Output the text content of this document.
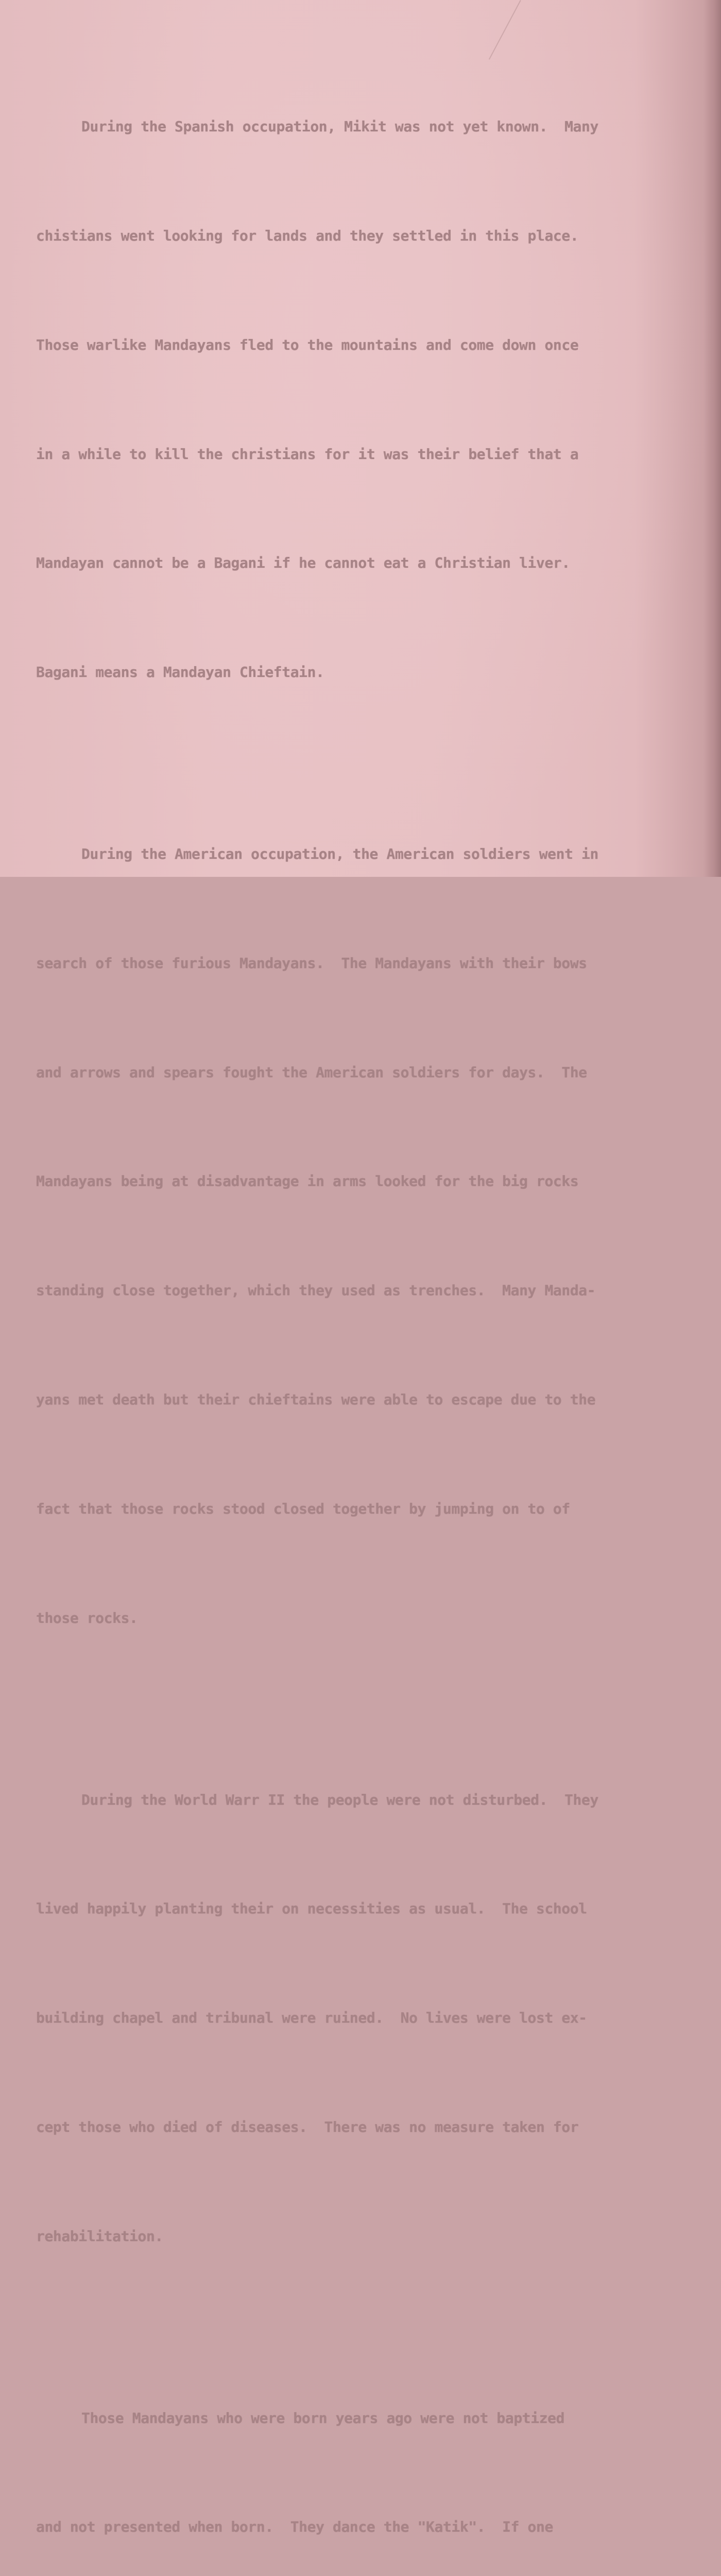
During the Spanish occupation, Mikit was not yet known.  Many

chistians went looking for lands and they settled in this place.

Those warlike Mandayans fled to the mountains and come down once

in a while to kill the christians for it was their belief that a

Mandayan cannot be a Bagani if he cannot eat a Christian liver.

Bagani means a Mandayan Chieftain.

During the American occupation, the American soldiers went in

search of those furious Mandayans.  The Mandayans with their bows

and arrows and spears fought the American soldiers for days.  The

Mandayans being at disadvantage in arms looked for the big rocks

standing close together, which they used as trenches.  Many Manda-

yans met death but their chieftains were able to escape due to the

fact that those rocks stood closed together by jumping on to of

those rocks.

During the World Warr II the people were not disturbed.  They

lived happily planting their on necessities as usual.  The school

building chapel and tribunal were ruined.  No lives were lost ex-

cept those who died of diseases.  There was no measure taken for

rehabilitation.

Those Mandayans who were born years ago were not baptized

and not presented when born.  They dance the "Katik".  If one
